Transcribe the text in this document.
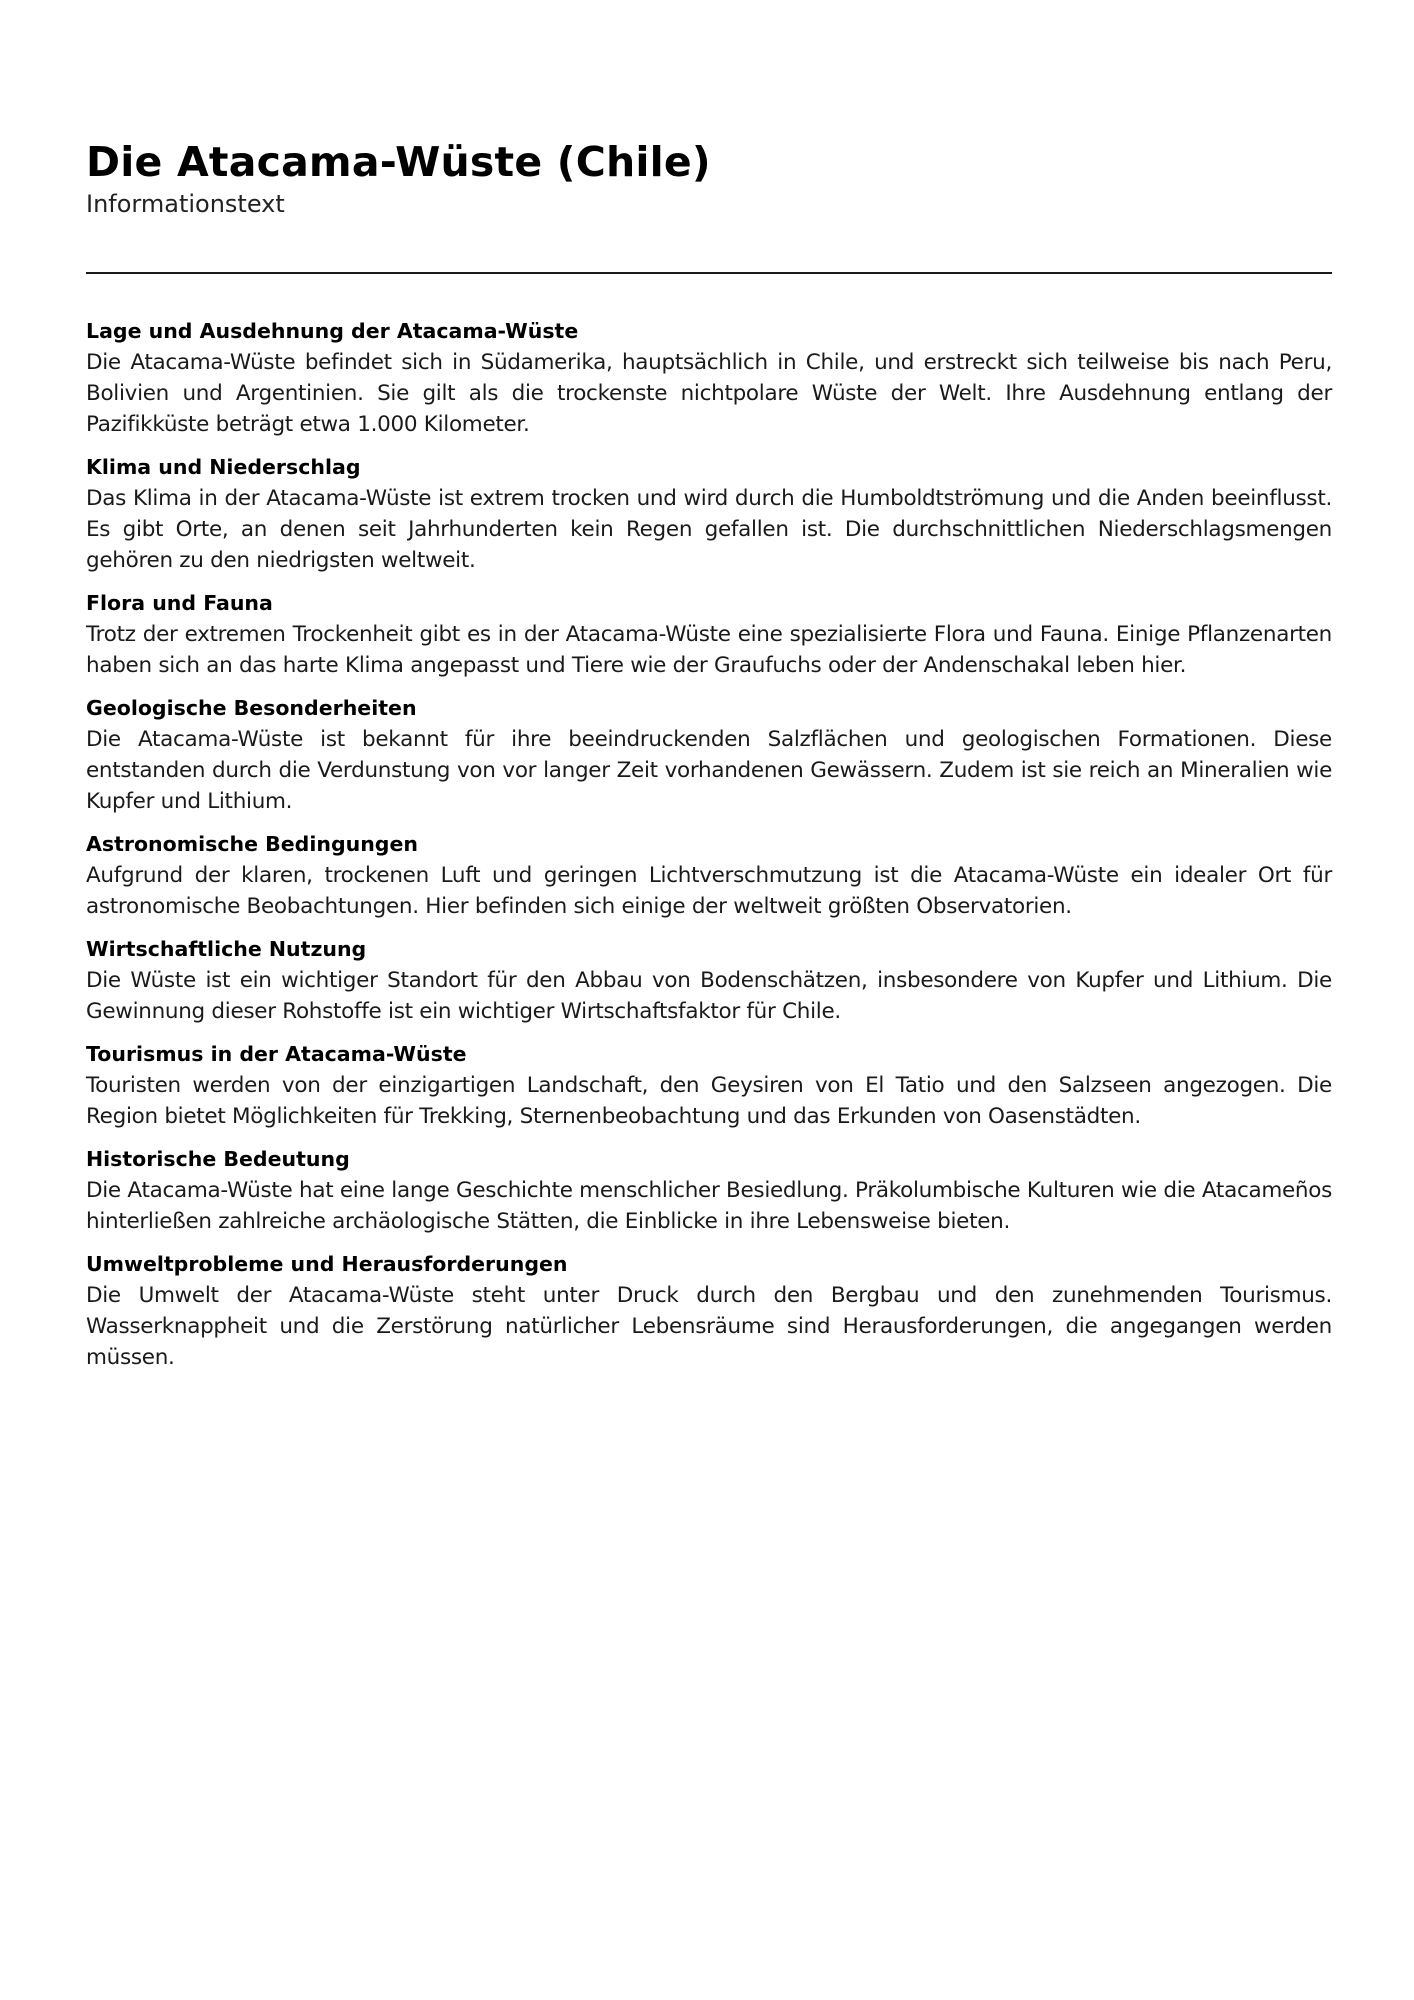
Die Atacama-Wüste (Chile)

Informationstext

Lage und Ausdehnung der Atacama-Wüste

Die Atacama-Wüste befindet sich in Südamerika, hauptsächlich in Chile, und erstreckt sich teilweise bis nach Peru, Bolivien und Argentinien. Sie gilt als die trockenste nichtpolare Wüste der Welt. Ihre Ausdehnung entlang der Pazifikküste beträgt etwa 1.000 Kilometer.

Klima und Niederschlag

Das Klima in der Atacama-Wüste ist extrem trocken und wird durch die Humboldtströmung und die Anden beeinflusst. Es gibt Orte, an denen seit Jahrhunderten kein Regen gefallen ist. Die durchschnittlichen Niederschlagsmengen gehören zu den niedrigsten weltweit.

Flora und Fauna

Trotz der extremen Trockenheit gibt es in der Atacama-Wüste eine spezialisierte Flora und Fauna. Einige Pflanzenarten haben sich an das harte Klima angepasst und Tiere wie der Graufuchs oder der Andenschakal leben hier.

Geologische Besonderheiten

Die Atacama-Wüste ist bekannt für ihre beeindruckenden Salzflächen und geologischen Formationen. Diese entstanden durch die Verdunstung von vor langer Zeit vorhandenen Gewässern. Zudem ist sie reich an Mineralien wie Kupfer und Lithium.

Astronomische Bedingungen

Aufgrund der klaren, trockenen Luft und geringen Lichtverschmutzung ist die Atacama-Wüste ein idealer Ort für astronomische Beobachtungen. Hier befinden sich einige der weltweit größten Observatorien.

Wirtschaftliche Nutzung

Die Wüste ist ein wichtiger Standort für den Abbau von Bodenschätzen, insbesondere von Kupfer und Lithium. Die Gewinnung dieser Rohstoffe ist ein wichtiger Wirtschaftsfaktor für Chile.

Tourismus in der Atacama-Wüste

Touristen werden von der einzigartigen Landschaft, den Geysiren von El Tatio und den Salzseen angezogen. Die Region bietet Möglichkeiten für Trekking, Sternenbeobachtung und das Erkunden von Oasenstädten.

Historische Bedeutung

Die Atacama-Wüste hat eine lange Geschichte menschlicher Besiedlung. Präkolumbische Kulturen wie die Atacameños hinterließen zahlreiche archäologische Stätten, die Einblicke in ihre Lebensweise bieten.

Umweltprobleme und Herausforderungen

Die Umwelt der Atacama-Wüste steht unter Druck durch den Bergbau und den zunehmenden Tourismus. Wasserknappheit und die Zerstörung natürlicher Lebensräume sind Herausforderungen, die angegangen werden müssen.
